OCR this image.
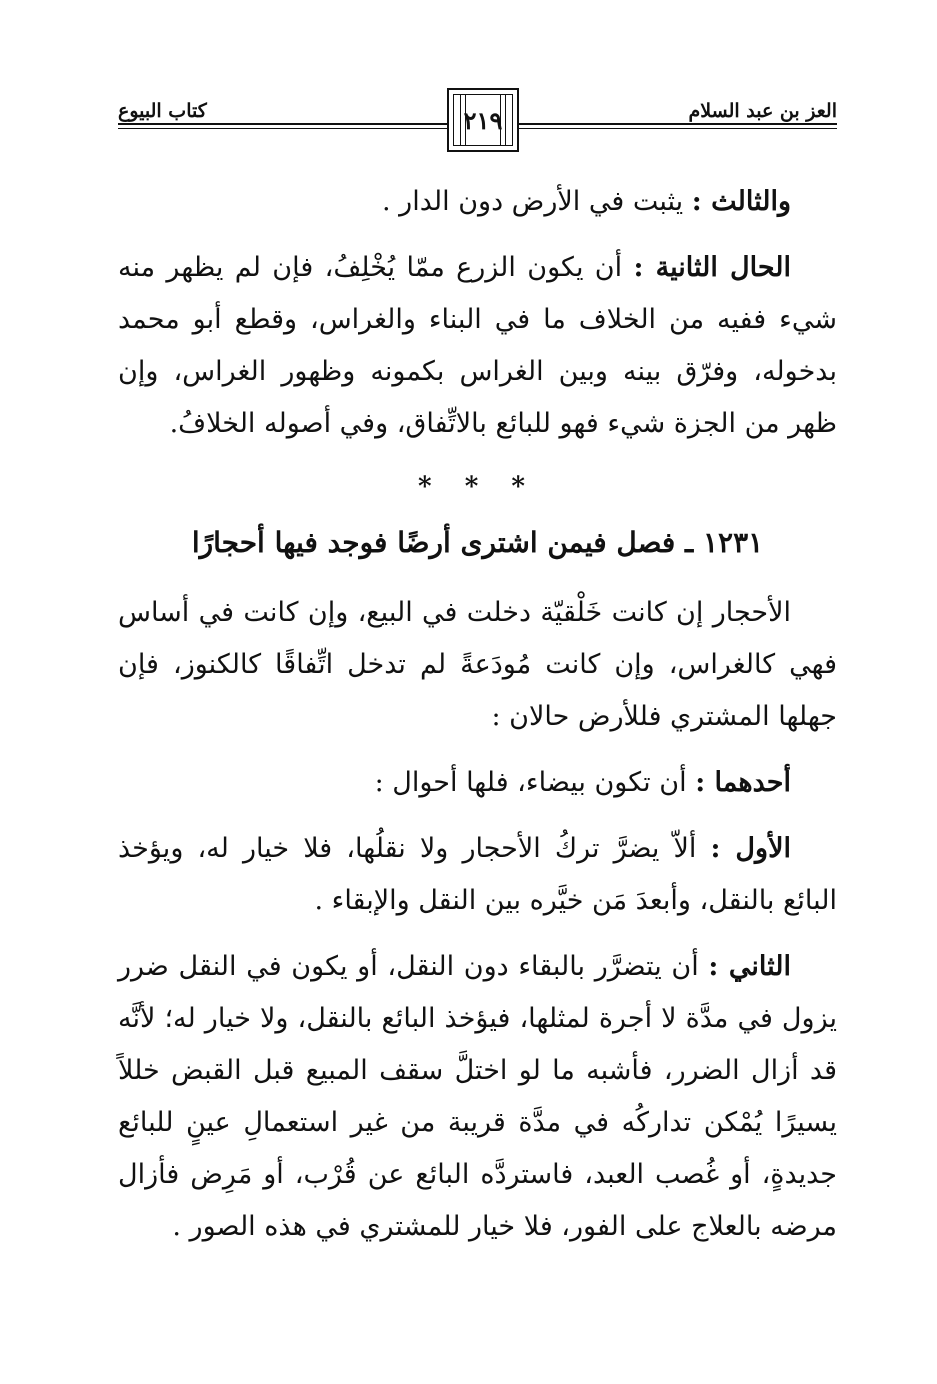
العز بن عبد السلام
كتاب البيوع	٢١٩

والثالث : يثبت في الأرض دون الدار .

الحال الثانية : أن يكون الزرع ممّا يُخْلِفُ، فإن لم يظهر منه شيء ففيه من الخلاف ما في البناء والغراس، وقطع أبو محمد بدخوله، وفرّق بينه وبين الغراس بكمونه وظهور الغراس، وإن ظهر من الجزة شيء فهو للبائع بالاتِّفاق، وفي أصوله الخلافُ.

* * *
١٢٣١ ـ فصل فيمن اشترى أرضًا فوجد فيها أحجارًا

الأحجار إن كانت خَلْقيّة دخلت في البيع، وإن كانت في أساس فهي كالغراس، وإن كانت مُودَعةً لم تدخل اتِّفاقًا كالكنوز، فإن جهلها المشتري فللأرض حالان :

أحدهما : أن تكون بيضاء، فلها أحوال :

الأول : ألاّ يضرَّ تركُ الأحجار ولا نقلُها، فلا خيار له، ويؤخذ البائع بالنقل، وأبعدَ مَن خيَّره بين النقل والإبقاء .

الثاني : أن يتضرَّر بالبقاء دون النقل، أو يكون في النقل ضرر يزول في مدَّة لا أجرة لمثلها، فيؤخذ البائع بالنقل، ولا خيار له؛ لأنَّه قد أزال الضرر، فأشبه ما لو اختلَّ سقف المبيع قبل القبض خللاً يسيرًا يُمْكن تداركُه في مدَّة قريبة من غير استعمالِ عينٍ للبائع جديدةٍ، أو غُصب العبد، فاستردَّه البائع عن قُرْب، أو مَرِض فأزال مرضه بالعلاج على الفور، فلا خيار للمشتري في هذه الصور .
